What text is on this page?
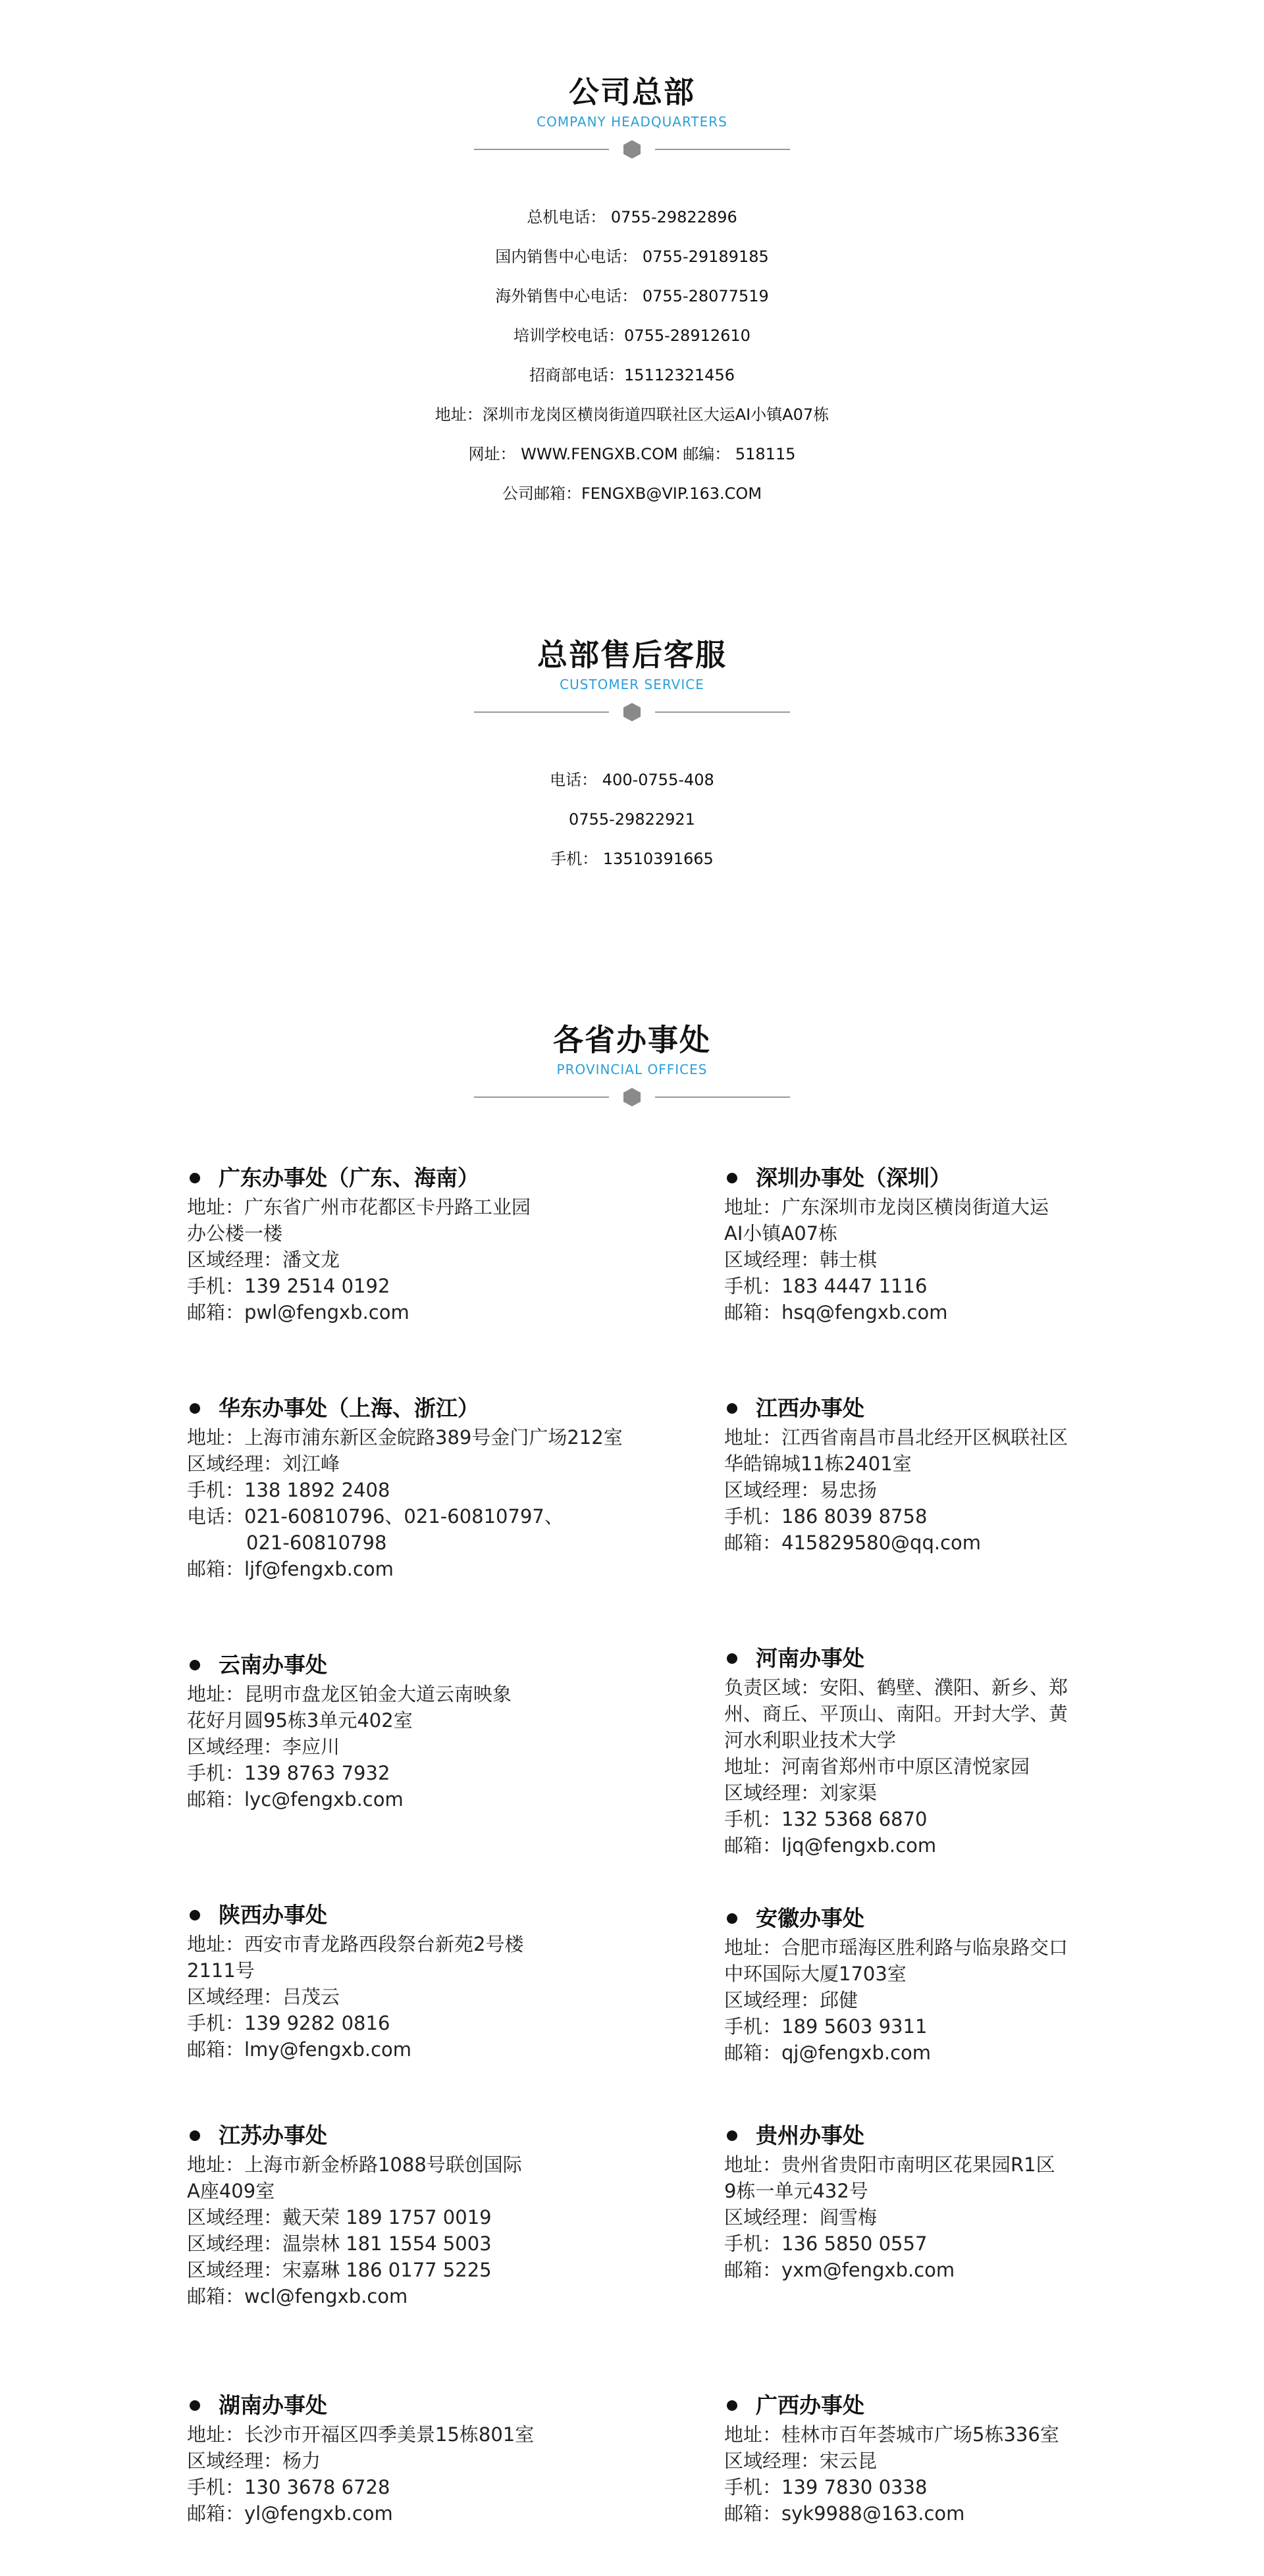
公司总部
COMPANY HEADQUARTERS
总机电话： 0755-29822896
国内销售中心电话： 0755-29189185
海外销售中心电话： 0755-28077519
培训学校电话：0755-28912610
招商部电话：15112321456
地址：深圳市龙岗区横岗街道四联社区大运AI小镇A07栋
网址： WWW.FENGXB.COM 邮编： 518115
公司邮箱：FENGXB@VIP.163.COM
总部售后客服
CUSTOMER SERVICE
电话： 400-0755-408
0755-29822921
手机： 13510391665
各省办事处
PROVINCIAL OFFICES
广东办事处（广东、海南）
地址：广东省广州市花都区卡丹路工业园
办公楼一楼
区域经理：潘文龙
手机：139 2514 0192
邮箱：pwl@fengxb.com
深圳办事处（深圳）
地址：广东深圳市龙岗区横岗街道大运
AI小镇A07栋
区域经理：韩士棋
手机：183 4447 1116
邮箱：hsq@fengxb.com
华东办事处（上海、浙江）
地址：上海市浦东新区金皖路389号金门广场212室
区域经理：刘江峰
手机：138 1892 2408
电话：021-60810796、021-60810797、
021-60810798
邮箱：ljf@fengxb.com
江西办事处
地址：江西省南昌市昌北经开区枫联社区
华皓锦城11栋2401室
区域经理：易忠扬
手机：186 8039 8758
邮箱：415829580@qq.com
云南办事处
地址：昆明市盘龙区铂金大道云南映象
花好月圆95栋3单元402室
区域经理：李应川
手机：139 8763 7932
邮箱：lyc@fengxb.com
河南办事处
负责区域：安阳、鹤壁、濮阳、新乡、郑
州、商丘、平顶山、南阳。开封大学、黄
河水利职业技术大学
地址：河南省郑州市中原区清悦家园
区域经理：刘家渠
手机：132 5368 6870
邮箱：ljq@fengxb.com
陕西办事处
地址：西安市青龙路西段祭台新苑2号楼
2111号
区域经理：吕茂云
手机：139 9282 0816
邮箱：lmy@fengxb.com
安徽办事处
地址：合肥市瑶海区胜利路与临泉路交口
中环国际大厦1703室
区域经理：邱健
手机：189 5603 9311
邮箱：qj@fengxb.com
江苏办事处
地址：上海市新金桥路1088号联创国际
A座409室
区域经理：戴天荣 189 1757 0019
区域经理：温崇林 181 1554 5003
区域经理：宋嘉琳 186 0177 5225
邮箱：wcl@fengxb.com
贵州办事处
地址：贵州省贵阳市南明区花果园R1区
9栋一单元432号
区域经理：阎雪梅
手机：136 5850 0557
邮箱：yxm@fengxb.com
湖南办事处
地址：长沙市开福区四季美景15栋801室
区域经理：杨力
手机：130 3678 6728
邮箱：yl@fengxb.com
广西办事处
地址：桂林市百年荟城市广场5栋336室
区域经理：宋云昆
手机：139 7830 0338
邮箱：syk9988@163.com
